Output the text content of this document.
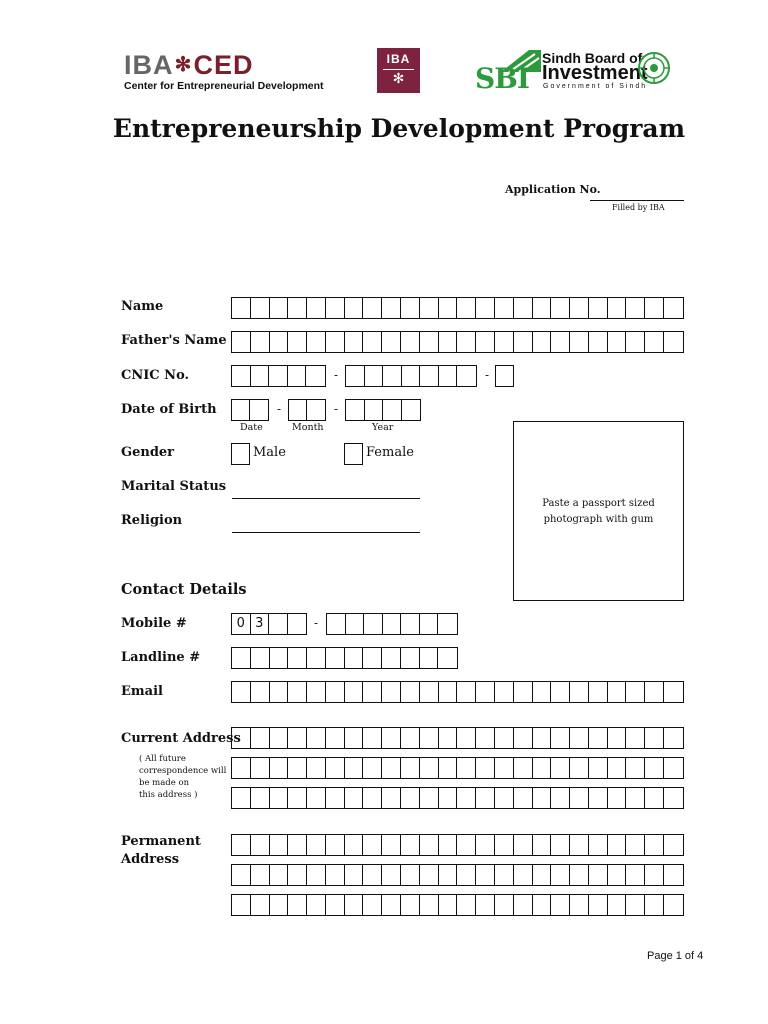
IBA✻CED
Center for Entrepreneurial Development
IBA
✻	SBI
Sindh Board of
Investment
Government of Sindh
Entrepreneurship Development Program
Application No.
Filled by IBA
Name
Father's Name
CNIC No.	-	-
Date of Birth	-	-
Date	Month	Year
Gender	Male	Female
Marital Status
Religion
Paste a passport sized
photograph with gum
Contact Details
Mobile #	0 3	-
Landline #
Email
Current Address
( All future
correspondence will
be made on
this address )
Permanent
Address
Page 1 of 4
